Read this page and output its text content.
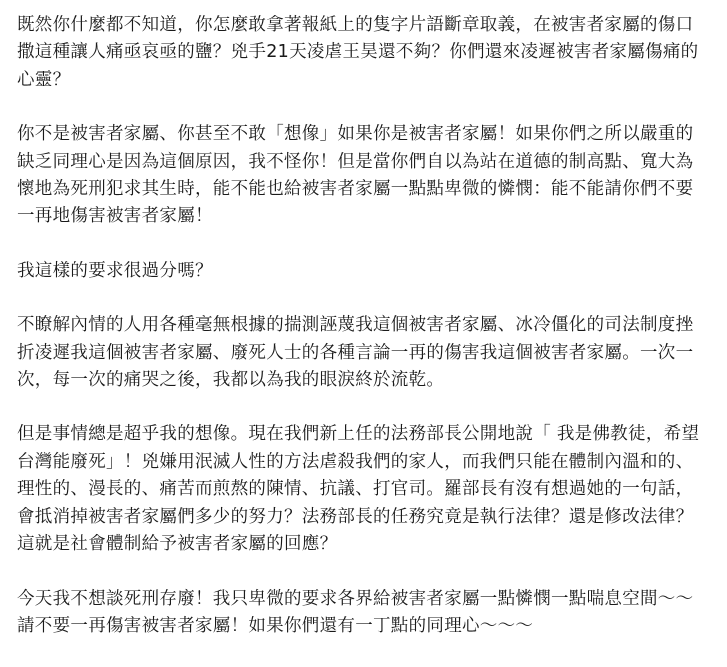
既然你什麼都不知道，你怎麼敢拿著報紙上的隻字片語斷章取義，在被害者家屬的傷口
撒這種讓人痛亟哀亟的鹽？兇手21天凌虐王昊還不夠？你們還來凌遲被害者家屬傷痛的
心靈？

你不是被害者家屬、你甚至不敢「想像」如果你是被害者家屬！如果你們之所以嚴重的
缺乏同理心是因為這個原因，我不怪你！但是當你們自以為站在道德的制高點、寬大為
懷地為死刑犯求其生時，能不能也給被害者家屬一點點卑微的憐憫：能不能請你們不要
一再地傷害被害者家屬！

我這樣的要求很過分嗎？

不瞭解內情的人用各種毫無根據的揣測誣蔑我這個被害者家屬、冰冷僵化的司法制度挫
折凌遲我這個被害者家屬、廢死人士的各種言論一再的傷害我這個被害者家屬。一次一
次，每一次的痛哭之後，我都以為我的眼淚終於流乾。

但是事情總是超乎我的想像。現在我們新上任的法務部長公開地說「 我是佛教徒，希望
台灣能廢死」！兇嫌用泯滅人性的方法虐殺我們的家人，而我們只能在體制內溫和的、
理性的、漫長的、痛苦而煎熬的陳情、抗議、打官司。羅部長有沒有想過她的一句話，
會抵消掉被害者家屬們多少的努力？法務部長的任務究竟是執行法律？還是修改法律？
這就是社會體制給予被害者家屬的回應？

今天我不想談死刑存廢！我只卑微的要求各界給被害者家屬一點憐憫一點喘息空間～～
請不要一再傷害被害者家屬！如果你們還有一丁點的同理心～～～
